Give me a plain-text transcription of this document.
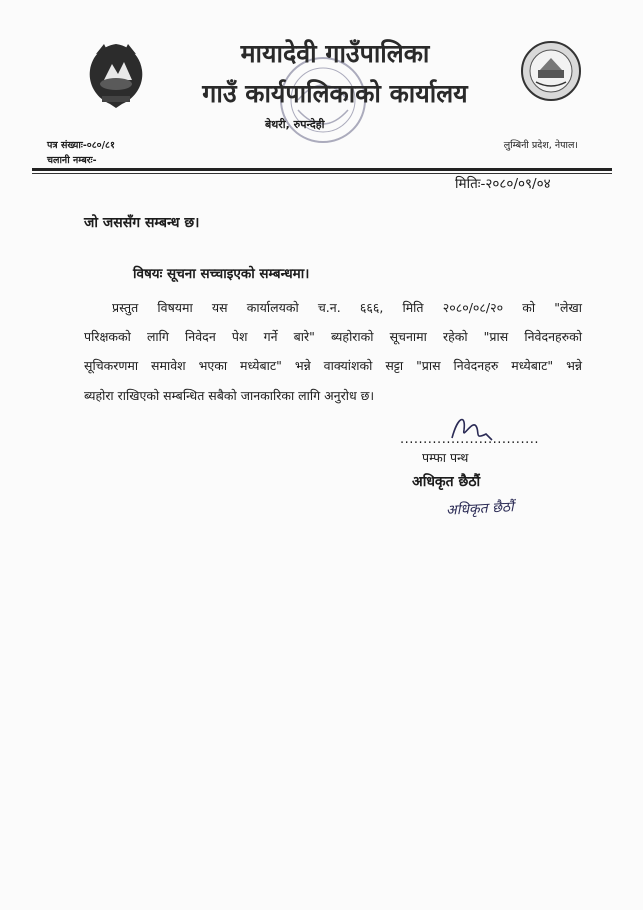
मायादेवी गाउँपालिका
गाउँ कार्यपालिकाको कार्यालय
बेथरी, रुपन्देही
पत्र संख्याः-०८०/८१
चलानी नम्बरः-
लुम्बिनी प्रदेश, नेपाल।
मितिः-२०८०/०९/०४
जो जससँग सम्बन्ध छ।
विषयः सूचना सच्चाइएको सम्बन्धमा।
प्रस्तुत विषयमा यस कार्यालयको च.न. ६६६, मिति २०८०/०८/२० को "लेखा
परिक्षकको लागि निवेदन पेश गर्ने बारे" ब्यहोराको सूचनामा रहेको "प्रास निवेदनहरुको
सूचिकरणमा समावेश भएका मध्येबाट" भन्ने वाक्यांशको सट्टा "प्रास निवेदनहरु मध्येबाट" भन्ने
ब्यहोरा राखिएको सम्बन्धित सबैको जानकारिका लागि अनुरोध छ।
..............................
पम्फा पन्थ
अधिकृत छैठौं
अधिकृत छैठौं
